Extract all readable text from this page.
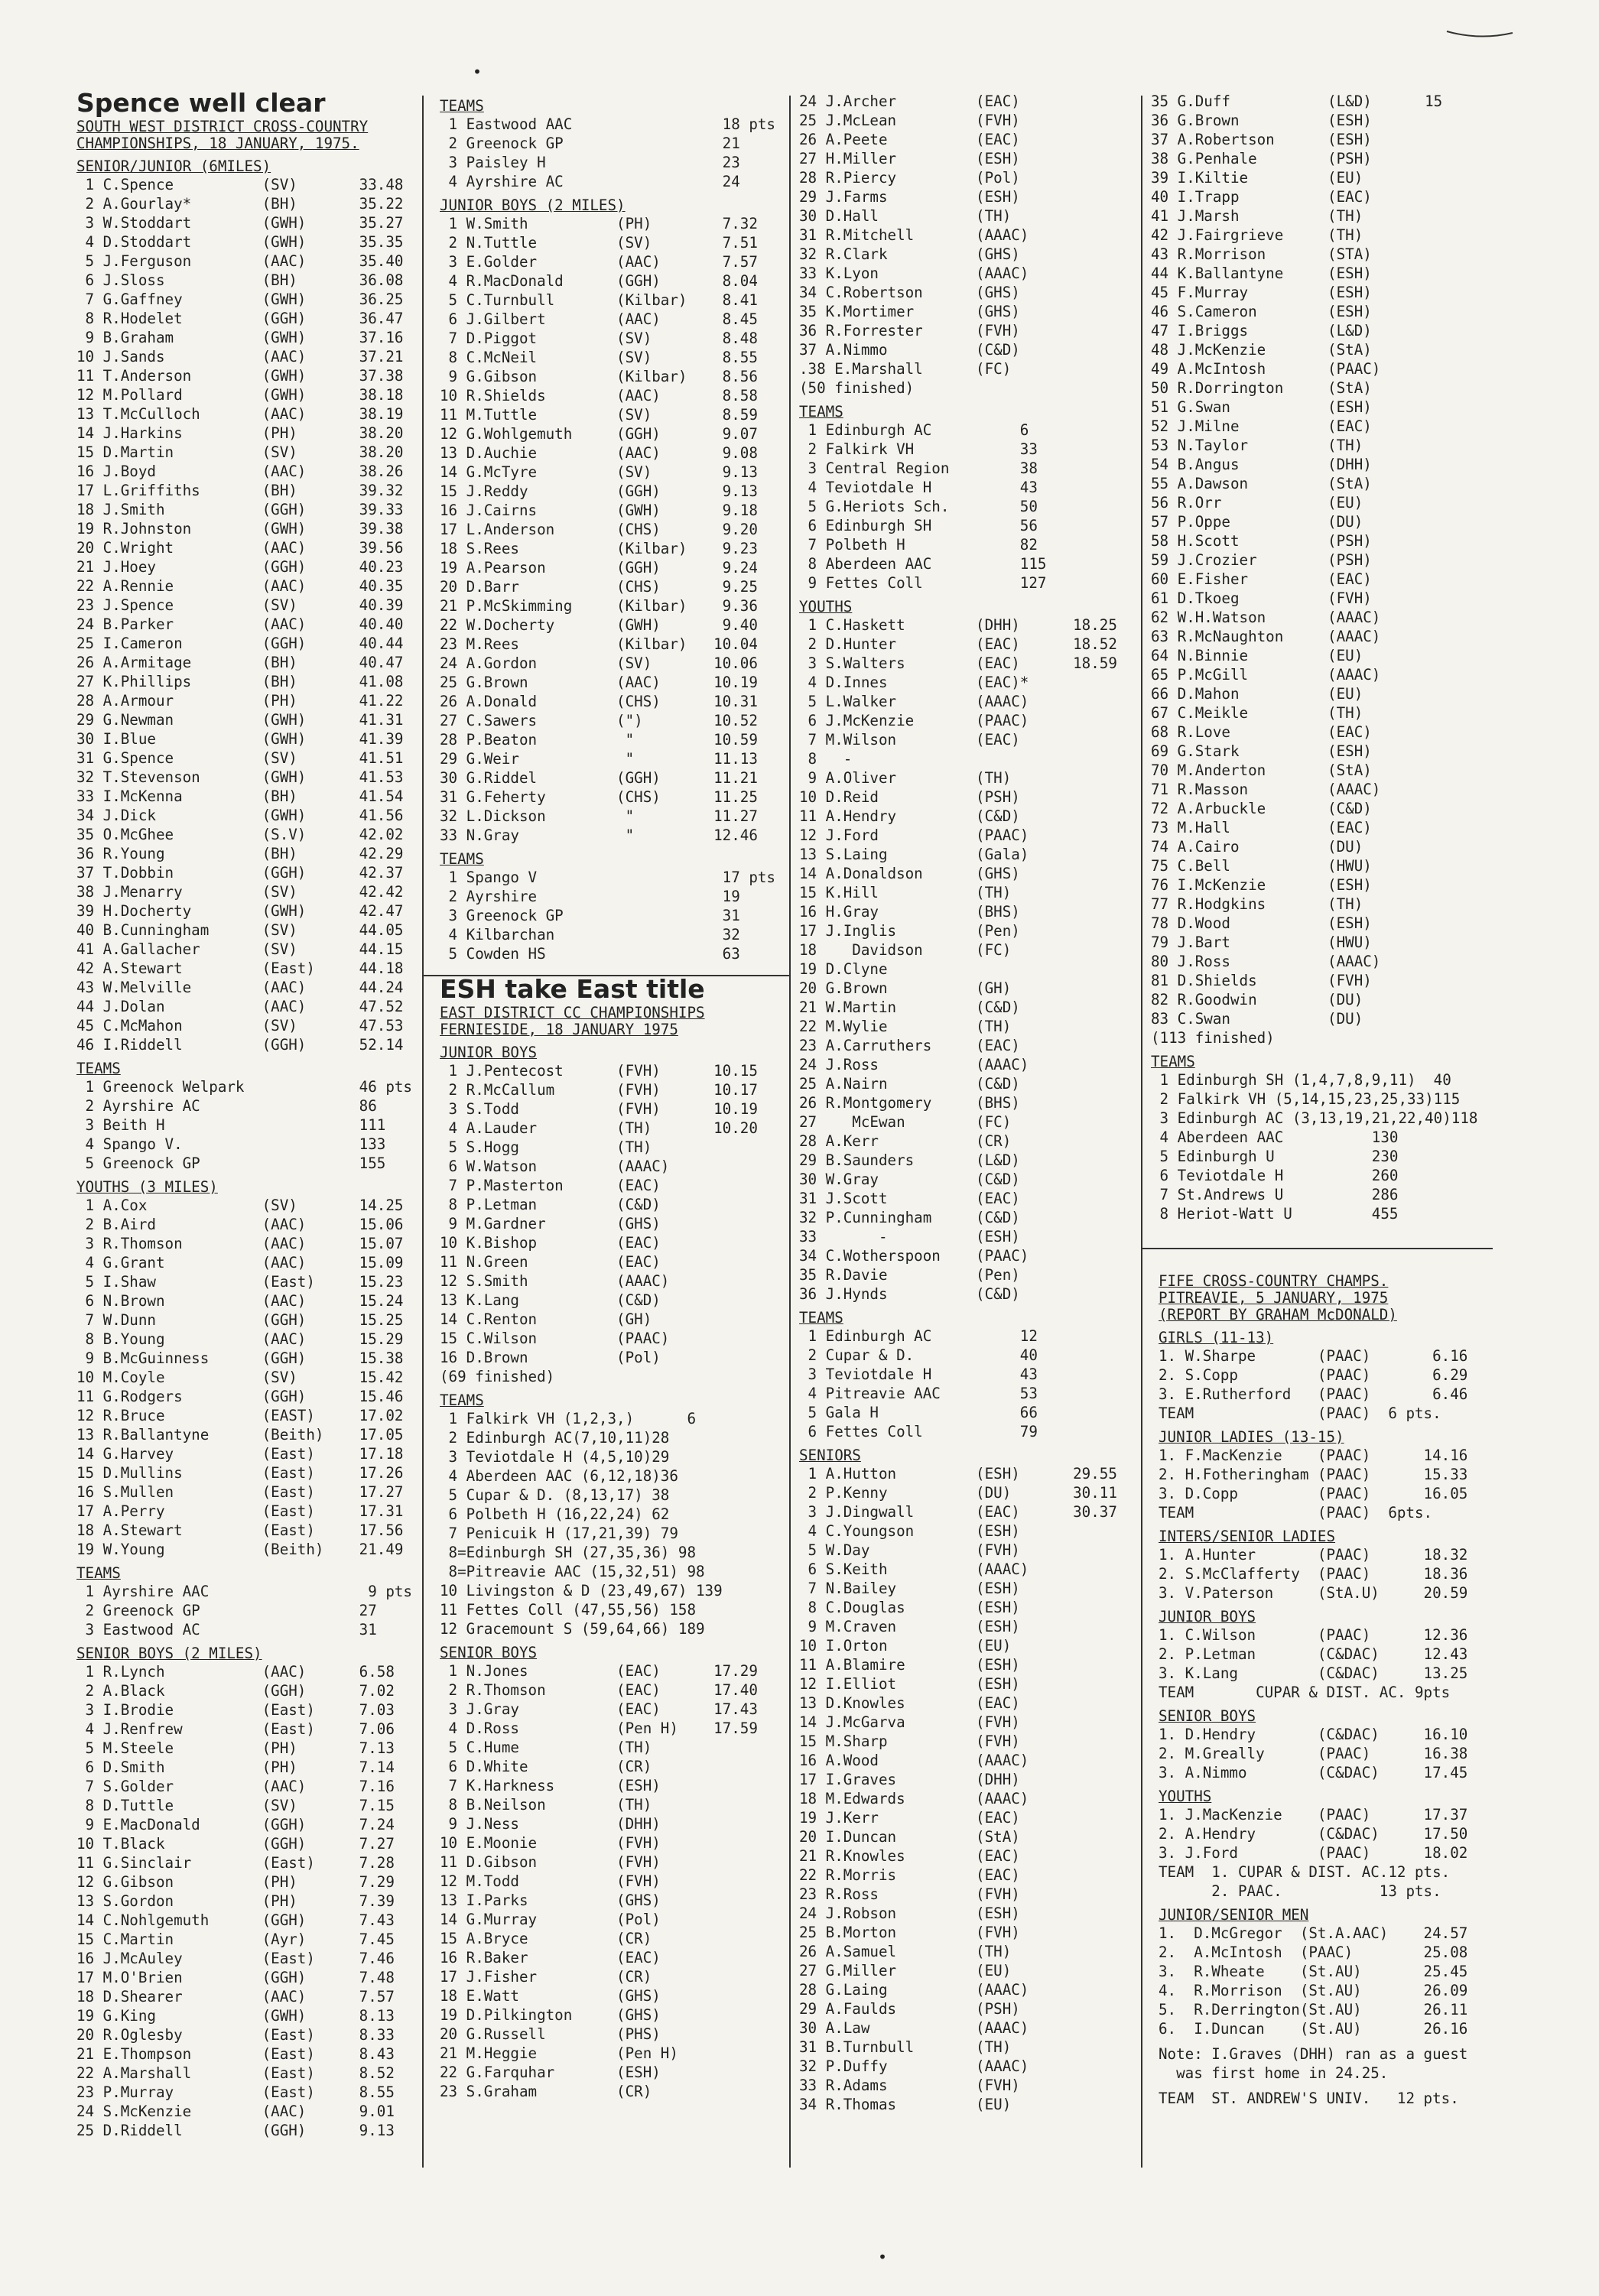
•
•
Spence well clear
SOUTH WEST DISTRICT CROSS-COUNTRY
CHAMPIONSHIPS, 18 JANUARY, 1975.
SENIOR/JUNIOR (6MILES)
1 C.Spence          (SV)       33.48
2 A.Gourlay*        (BH)       35.22
3 W.Stoddart        (GWH)      35.27
4 D.Stoddart        (GWH)      35.35
5 J.Ferguson        (AAC)      35.40
6 J.Sloss           (BH)       36.08
7 G.Gaffney         (GWH)      36.25
8 R.Hodelet         (GGH)      36.47
9 B.Graham          (GWH)      37.16
10 J.Sands           (AAC)      37.21
11 T.Anderson        (GWH)      37.38
12 M.Pollard         (GWH)      38.18
13 T.McCulloch       (AAC)      38.19
14 J.Harkins         (PH)       38.20
15 D.Martin          (SV)       38.20
16 J.Boyd            (AAC)      38.26
17 L.Griffiths       (BH)       39.32
18 J.Smith           (GGH)      39.33
19 R.Johnston        (GWH)      39.38
20 C.Wright          (AAC)      39.56
21 J.Hoey            (GGH)      40.23
22 A.Rennie          (AAC)      40.35
23 J.Spence          (SV)       40.39
24 B.Parker          (AAC)      40.40
25 I.Cameron         (GGH)      40.44
26 A.Armitage        (BH)       40.47
27 K.Phillips        (BH)       41.08
28 A.Armour          (PH)       41.22
29 G.Newman          (GWH)      41.31
30 I.Blue            (GWH)      41.39
31 G.Spence          (SV)       41.51
32 T.Stevenson       (GWH)      41.53
33 I.McKenna         (BH)       41.54
34 J.Dick            (GWH)      41.56
35 O.McGhee          (S.V)      42.02
36 R.Young           (BH)       42.29
37 T.Dobbin          (GGH)      42.37
38 J.Menarry         (SV)       42.42
39 H.Docherty        (GWH)      42.47
40 B.Cunningham      (SV)       44.05
41 A.Gallacher       (SV)       44.15
42 A.Stewart         (East)     44.18
43 W.Melville        (AAC)      44.24
44 J.Dolan           (AAC)      47.52
45 C.McMahon         (SV)       47.53
46 I.Riddell         (GGH)      52.14
TEAMS
1 Greenock Welpark             46 pts
2 Ayrshire AC                  86
3 Beith H                      111
4 Spango V.                    133
5 Greenock GP                  155
YOUTHS (3 MILES)
1 A.Cox             (SV)       14.25
2 B.Aird            (AAC)      15.06
3 R.Thomson         (AAC)      15.07
4 G.Grant           (AAC)      15.09
5 I.Shaw            (East)     15.23
6 N.Brown           (AAC)      15.24
7 W.Dunn            (GGH)      15.25
8 B.Young           (AAC)      15.29
9 B.McGuinness      (GGH)      15.38
10 M.Coyle           (SV)       15.42
11 G.Rodgers         (GGH)      15.46
12 R.Bruce           (EAST)     17.02
13 R.Ballantyne      (Beith)    17.05
14 G.Harvey          (East)     17.18
15 D.Mullins         (East)     17.26
16 S.Mullen          (East)     17.27
17 A.Perry           (East)     17.31
18 A.Stewart         (East)     17.56
19 W.Young           (Beith)    21.49
TEAMS
1 Ayrshire AAC                  9 pts
2 Greenock GP                  27
3 Eastwood AC                  31
SENIOR BOYS (2 MILES)
1 R.Lynch           (AAC)      6.58
2 A.Black           (GGH)      7.02
3 I.Brodie          (East)     7.03
4 J.Renfrew         (East)     7.06
5 M.Steele          (PH)       7.13
6 D.Smith           (PH)       7.14
7 S.Golder          (AAC)      7.16
8 D.Tuttle          (SV)       7.15
9 E.MacDonald       (GGH)      7.24
10 T.Black           (GGH)      7.27
11 G.Sinclair        (East)     7.28
12 G.Gibson          (PH)       7.29
13 S.Gordon          (PH)       7.39
14 C.Nohlgemuth      (GGH)      7.43
15 C.Martin          (Ayr)      7.45
16 J.McAuley         (East)     7.46
17 M.O'Brien         (GGH)      7.48
18 D.Shearer         (AAC)      7.57
19 G.King            (GWH)      8.13
20 R.Oglesby         (East)     8.33
21 E.Thompson        (East)     8.43
22 A.Marshall        (East)     8.52
23 P.Murray          (East)     8.55
24 S.McKenzie        (AAC)      9.01
25 D.Riddell         (GGH)      9.13
TEAMS
1 Eastwood AAC                 18 pts
2 Greenock GP                  21
3 Paisley H                    23
4 Ayrshire AC                  24
JUNIOR BOYS (2 MILES)
1 W.Smith          (PH)        7.32
2 N.Tuttle         (SV)        7.51
3 E.Golder         (AAC)       7.57
4 R.MacDonald      (GGH)       8.04
5 C.Turnbull       (Kilbar)    8.41
6 J.Gilbert        (AAC)       8.45
7 D.Piggot         (SV)        8.48
8 C.McNeil         (SV)        8.55
9 G.Gibson         (Kilbar)    8.56
10 R.Shields        (AAC)       8.58
11 M.Tuttle         (SV)        8.59
12 G.Wohlgemuth     (GGH)       9.07
13 D.Auchie         (AAC)       9.08
14 G.McTyre         (SV)        9.13
15 J.Reddy          (GGH)       9.13
16 J.Cairns         (GWH)       9.18
17 L.Anderson       (CHS)       9.20
18 S.Rees           (Kilbar)    9.23
19 A.Pearson        (GGH)       9.24
20 D.Barr           (CHS)       9.25
21 P.McSkimming     (Kilbar)    9.36
22 W.Docherty       (GWH)       9.40
23 M.Rees           (Kilbar)   10.04
24 A.Gordon         (SV)       10.06
25 G.Brown          (AAC)      10.19
26 A.Donald         (CHS)      10.31
27 C.Sawers         (")        10.52
28 P.Beaton          "         10.59
29 G.Weir            "         11.13
30 G.Riddel         (GGH)      11.21
31 G.Feherty        (CHS)      11.25
32 L.Dickson         "         11.27
33 N.Gray            "         12.46
TEAMS
1 Spango V                     17 pts
2 Ayrshire                     19
3 Greenock GP                  31
4 Kilbarchan                   32
5 Cowden HS                    63
ESH take East title
EAST DISTRICT CC CHAMPIONSHIPS
FERNIESIDE, 18 JANUARY 1975
JUNIOR BOYS
1 J.Pentecost      (FVH)      10.15
2 R.McCallum       (FVH)      10.17
3 S.Todd           (FVH)      10.19
4 A.Lauder         (TH)       10.20
5 S.Hogg           (TH)
6 W.Watson         (AAAC)
7 P.Masterton      (EAC)
8 P.Letman         (C&D)
9 M.Gardner        (GHS)
10 K.Bishop         (EAC)
11 N.Green          (EAC)
12 S.Smith          (AAAC)
13 K.Lang           (C&D)
14 C.Renton         (GH)
15 C.Wilson         (PAAC)
16 D.Brown          (Pol)
(69 finished)
TEAMS
1 Falkirk VH (1,2,3,)      6
2 Edinburgh AC(7,10,11)28
3 Teviotdale H (4,5,10)29
4 Aberdeen AAC (6,12,18)36
5 Cupar & D. (8,13,17) 38
6 Polbeth H (16,22,24) 62
7 Penicuik H (17,21,39) 79
8=Edinburgh SH (27,35,36) 98
8=Pitreavie AAC (15,32,51) 98
10 Livingston & D (23,49,67) 139
11 Fettes Coll (47,55,56) 158
12 Gracemount S (59,64,66) 189
SENIOR BOYS
1 N.Jones          (EAC)      17.29
2 R.Thomson        (EAC)      17.40
3 J.Gray           (EAC)      17.43
4 D.Ross           (Pen H)    17.59
5 C.Hume           (TH)
6 D.White          (CR)
7 K.Harkness       (ESH)
8 B.Neilson        (TH)
9 J.Ness           (DHH)
10 E.Moonie         (FVH)
11 D.Gibson         (FVH)
12 M.Todd           (FVH)
13 I.Parks          (GHS)
14 G.Murray         (Pol)
15 A.Bryce          (CR)
16 R.Baker          (EAC)
17 J.Fisher         (CR)
18 E.Watt           (GHS)
19 D.Pilkington     (GHS)
20 G.Russell        (PHS)
21 M.Heggie         (Pen H)
22 G.Farquhar       (ESH)
23 S.Graham         (CR)
24 J.Archer         (EAC)
25 J.McLean         (FVH)
26 A.Peete          (EAC)
27 H.Miller         (ESH)
28 R.Piercy         (Pol)
29 J.Farms          (ESH)
30 D.Hall           (TH)
31 R.Mitchell       (AAAC)
32 R.Clark          (GHS)
33 K.Lyon           (AAAC)
34 C.Robertson      (GHS)
35 K.Mortimer       (GHS)
36 R.Forrester      (FVH)
37 A.Nimmo          (C&D)
.38 E.Marshall      (FC)
(50 finished)
TEAMS
1 Edinburgh AC          6
2 Falkirk VH            33
3 Central Region        38
4 Teviotdale H          43
5 G.Heriots Sch.        50
6 Edinburgh SH          56
7 Polbeth H             82
8 Aberdeen AAC          115
9 Fettes Coll           127
YOUTHS
1 C.Haskett        (DHH)      18.25
2 D.Hunter         (EAC)      18.52
3 S.Walters        (EAC)      18.59
4 D.Innes          (EAC)*
5 L.Walker         (AAAC)
6 J.McKenzie       (PAAC)
7 M.Wilson         (EAC)
8   -
9 A.Oliver         (TH)
10 D.Reid           (PSH)
11 A.Hendry         (C&D)
12 J.Ford           (PAAC)
13 S.Laing          (Gala)
14 A.Donaldson      (GHS)
15 K.Hill           (TH)
16 H.Gray           (BHS)
17 J.Inglis         (Pen)
18    Davidson      (FC)
19 D.Clyne
20 G.Brown          (GH)
21 W.Martin         (C&D)
22 M.Wylie          (TH)
23 A.Carruthers     (EAC)
24 J.Ross           (AAAC)
25 A.Nairn          (C&D)
26 R.Montgomery     (BHS)
27    McEwan        (FC)
28 A.Kerr           (CR)
29 B.Saunders       (L&D)
30 W.Gray           (C&D)
31 J.Scott          (EAC)
32 P.Cunningham     (C&D)
33       -          (ESH)
34 C.Wotherspoon    (PAAC)
35 R.Davie          (Pen)
36 J.Hynds          (C&D)
TEAMS
1 Edinburgh AC          12
2 Cupar & D.            40
3 Teviotdale H          43
4 Pitreavie AAC         53
5 Gala H                66
6 Fettes Coll           79
SENIORS
1 A.Hutton         (ESH)      29.55
2 P.Kenny          (DU)       30.11
3 J.Dingwall       (EAC)      30.37
4 C.Youngson       (ESH)
5 W.Day            (FVH)
6 S.Keith          (AAAC)
7 N.Bailey         (ESH)
8 C.Douglas        (ESH)
9 M.Craven         (ESH)
10 I.Orton          (EU)
11 A.Blamire        (ESH)
12 I.Elliot         (ESH)
13 D.Knowles        (EAC)
14 J.McGarva        (FVH)
15 M.Sharp          (FVH)
16 A.Wood           (AAAC)
17 I.Graves         (DHH)
18 M.Edwards        (AAAC)
19 J.Kerr           (EAC)
20 I.Duncan         (StA)
21 R.Knowles        (EAC)
22 R.Morris         (EAC)
23 R.Ross           (FVH)
24 J.Robson         (ESH)
25 B.Morton         (FVH)
26 A.Samuel         (TH)
27 G.Miller         (EU)
28 G.Laing          (AAAC)
29 A.Faulds         (PSH)
30 A.Law            (AAAC)
31 B.Turnbull       (TH)
32 P.Duffy          (AAAC)
33 R.Adams          (FVH)
34 R.Thomas         (EU)
35 G.Duff           (L&D)      15
36 G.Brown          (ESH)
37 A.Robertson      (ESH)
38 G.Penhale        (PSH)
39 I.Kiltie         (EU)
40 I.Trapp          (EAC)
41 J.Marsh          (TH)
42 J.Fairgrieve     (TH)
43 R.Morrison       (STA)
44 K.Ballantyne     (ESH)
45 F.Murray         (ESH)
46 S.Cameron        (ESH)
47 I.Briggs         (L&D)
48 J.McKenzie       (StA)
49 A.McIntosh       (PAAC)
50 R.Dorrington     (StA)
51 G.Swan           (ESH)
52 J.Milne          (EAC)
53 N.Taylor         (TH)
54 B.Angus          (DHH)
55 A.Dawson         (StA)
56 R.Orr            (EU)
57 P.Oppe           (DU)
58 H.Scott          (PSH)
59 J.Crozier        (PSH)
60 E.Fisher         (EAC)
61 D.Tkoeg          (FVH)
62 W.H.Watson       (AAAC)
63 R.McNaughton     (AAAC)
64 N.Binnie         (EU)
65 P.McGill         (AAAC)
66 D.Mahon          (EU)
67 C.Meikle         (TH)
68 R.Love           (EAC)
69 G.Stark          (ESH)
70 M.Anderton       (StA)
71 R.Masson         (AAAC)
72 A.Arbuckle       (C&D)
73 M.Hall           (EAC)
74 A.Cairo          (DU)
75 C.Bell           (HWU)
76 I.McKenzie       (ESH)
77 R.Hodgkins       (TH)
78 D.Wood           (ESH)
79 J.Bart           (HWU)
80 J.Ross           (AAAC)
81 D.Shields        (FVH)
82 R.Goodwin        (DU)
83 C.Swan           (DU)
(113 finished)
TEAMS
1 Edinburgh SH (1,4,7,8,9,11)  40
2 Falkirk VH (5,14,15,23,25,33)115
3 Edinburgh AC (3,13,19,21,22,40)118
4 Aberdeen AAC          130
5 Edinburgh U           230
6 Teviotdale H          260
7 St.Andrews U          286
8 Heriot-Watt U         455
FIFE CROSS-COUNTRY CHAMPS.
PITREAVIE, 5 JANUARY, 1975
(REPORT BY GRAHAM McDONALD)
GIRLS (11-13)
1. W.Sharpe       (PAAC)       6.16
2. S.Copp         (PAAC)       6.29
3. E.Rutherford   (PAAC)       6.46
TEAM              (PAAC)  6 pts.
JUNIOR LADIES (13-15)
1. F.MacKenzie    (PAAC)      14.16
2. H.Fotheringham (PAAC)      15.33
3. D.Copp         (PAAC)      16.05
TEAM              (PAAC)  6pts.
INTERS/SENIOR LADIES
1. A.Hunter       (PAAC)      18.32
2. S.McClafferty  (PAAC)      18.36
3. V.Paterson     (StA.U)     20.59
JUNIOR BOYS
1. C.Wilson       (PAAC)      12.36
2. P.Letman       (C&DAC)     12.43
3. K.Lang         (C&DAC)     13.25
TEAM       CUPAR & DIST. AC. 9pts
SENIOR BOYS
1. D.Hendry       (C&DAC)     16.10
2. M.Greally      (PAAC)      16.38
3. A.Nimmo        (C&DAC)     17.45
YOUTHS
1. J.MacKenzie    (PAAC)      17.37
2. A.Hendry       (C&DAC)     17.50
3. J.Ford         (PAAC)      18.02
TEAM  1. CUPAR & DIST. AC.12 pts.
2. PAAC.           13 pts.
JUNIOR/SENIOR MEN
1.  D.McGregor  (St.A.AAC)    24.57
2.  A.McIntosh  (PAAC)        25.08
3.  R.Wheate    (St.AU)       25.45
4.  R.Morrison  (St.AU)       26.09
5.  R.Derrington(St.AU)       26.11
6.  I.Duncan    (St.AU)       26.16
Note: I.Graves (DHH) ran as a guest
was first home in 24.25.
TEAM  ST. ANDREW'S UNIV.   12 pts.
